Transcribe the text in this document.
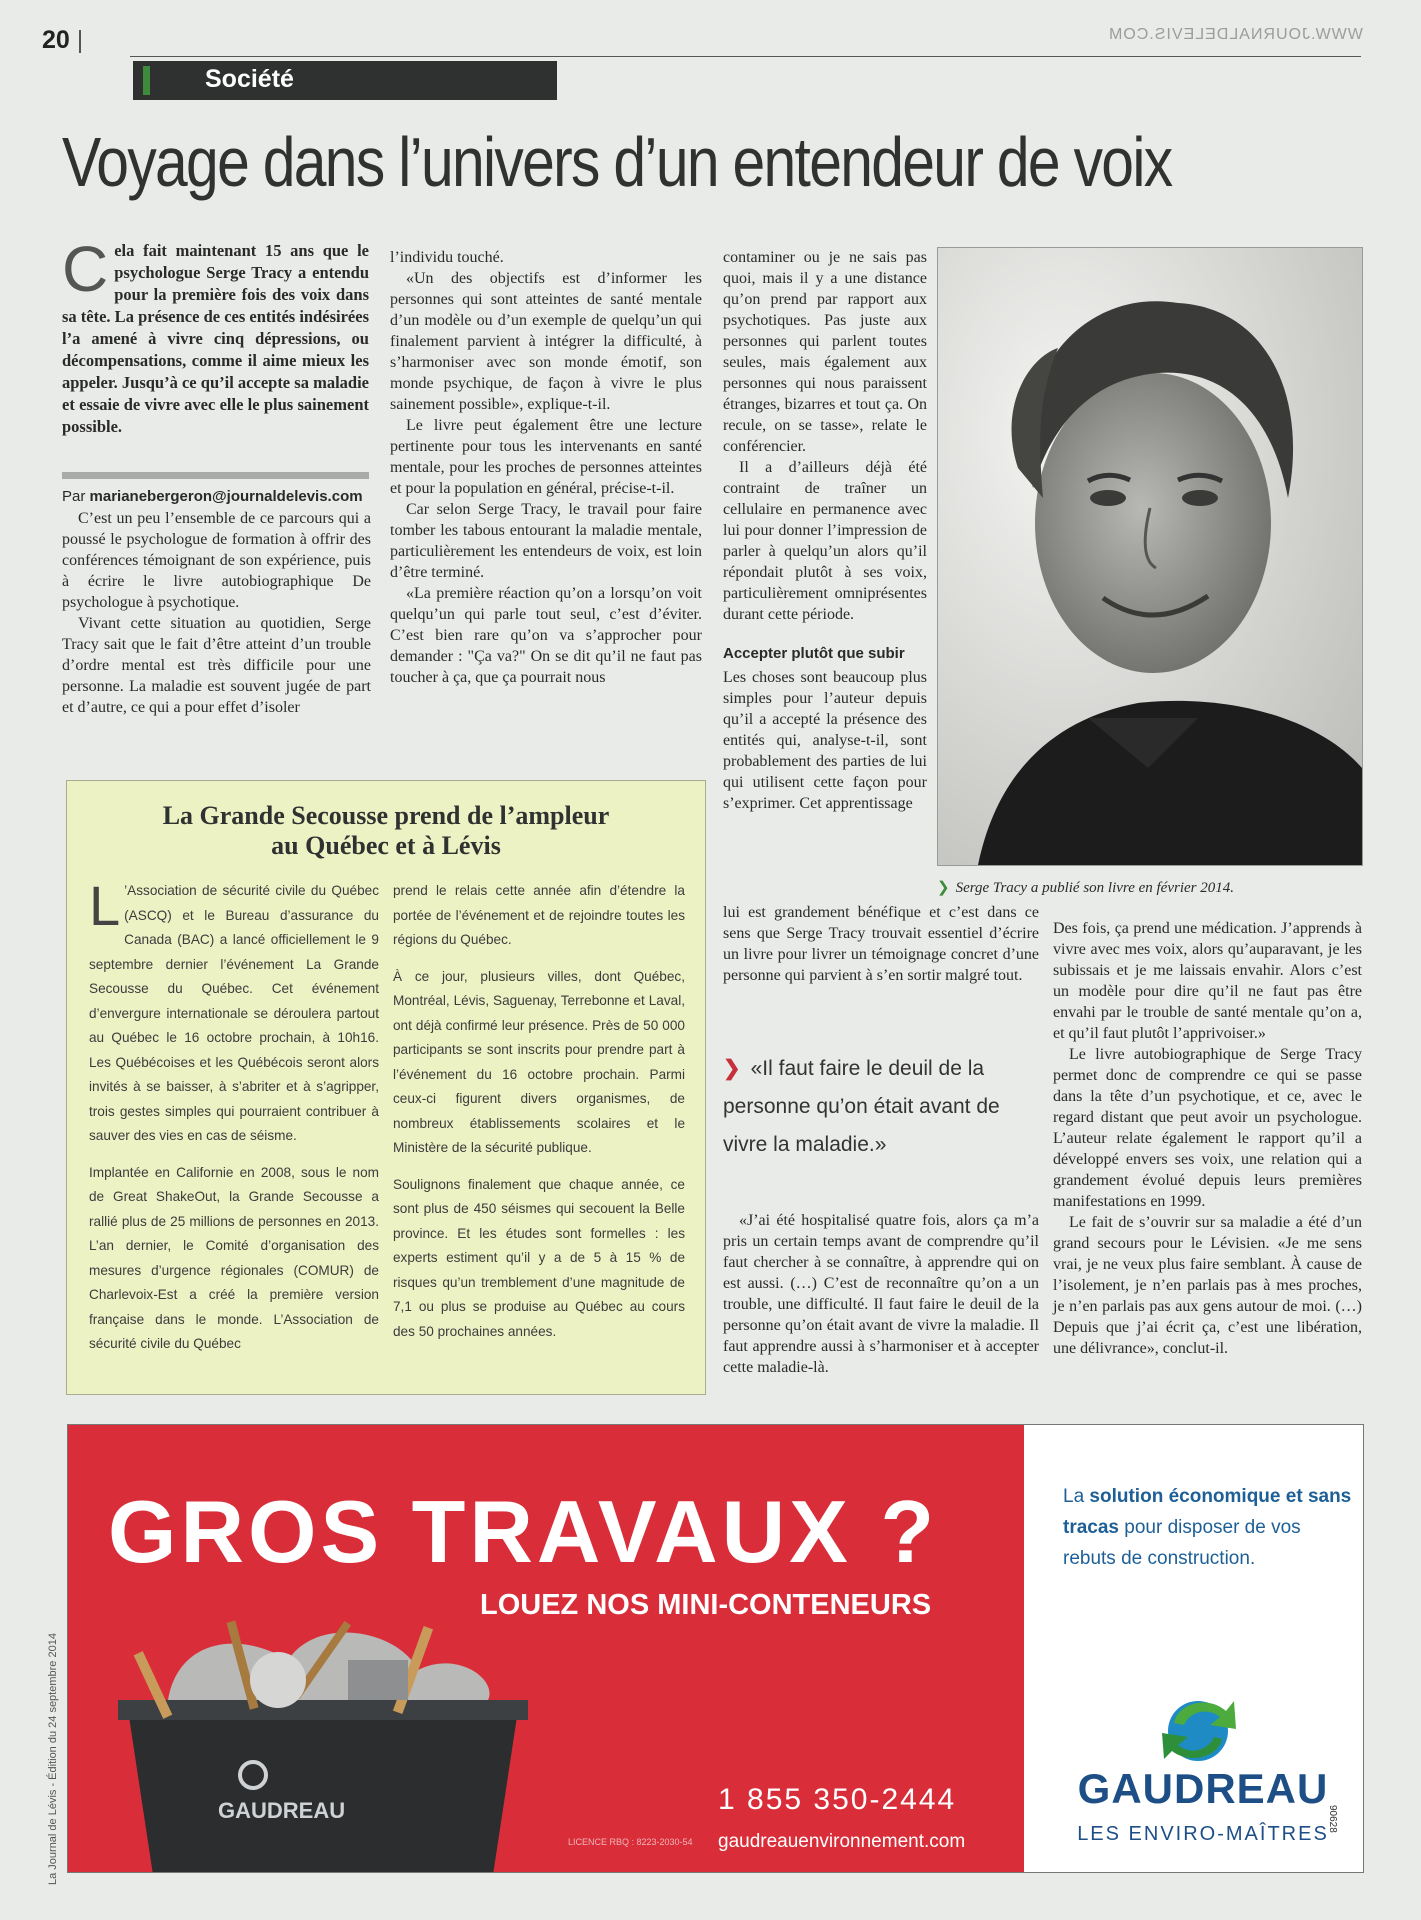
20 |	WWW.JOURNALDELEVIS.COM
Société
Voyage dans l’univers d’un entendeur de voix
Cela fait maintenant 15 ans que le psychologue Serge Tracy a entendu pour la première fois des voix dans sa tête. La présence de ces entités indésirées l’a amené à vivre cinq dépressions, ou décompensations, comme il aime mieux les appeler. Jusqu’à ce qu’il accepte sa maladie et essaie de vivre avec elle le plus sainement possible.
Par marianebergeron@journaldelevis.com

C’est un peu l’ensemble de ce parcours qui a poussé le psychologue de formation à offrir des conférences témoignant de son expérience, puis à écrire le livre autobiographique De psychologue à psychotique.

Vivant cette situation au quotidien, Serge Tracy sait que le fait d’être atteint d’un trouble d’ordre mental est très difficile pour une personne. La maladie est souvent jugée de part et d’autre, ce qui a pour effet d’isoler

l’individu touché.

«Un des objectifs est d’informer les personnes qui sont atteintes de santé mentale d’un modèle ou d’un exemple de quelqu’un qui finalement parvient à intégrer la difficulté, à s’harmoniser avec son monde émotif, son monde psychique, de façon à vivre le plus sainement possible», explique-t-il.

Le livre peut également être une lecture pertinente pour tous les intervenants en santé mentale, pour les proches de personnes atteintes et pour la population en général, précise-t-il.

Car selon Serge Tracy, le travail pour faire tomber les tabous entourant la maladie mentale, particulièrement les entendeurs de voix, est loin d’être terminé.

«La première réaction qu’on a lorsqu’on voit quelqu’un qui parle tout seul, c’est d’éviter. C’est bien rare qu’on va s’approcher pour demander : "Ça va?" On se dit qu’il ne faut pas toucher à ça, que ça pourrait nous

contaminer ou je ne sais pas quoi, mais il y a une distance qu’on prend par rapport aux psychotiques. Pas juste aux personnes qui parlent toutes seules, mais également aux personnes qui nous paraissent étranges, bizarres et tout ça. On recule, on se tasse», relate le conférencier.

Il a d’ailleurs déjà été contraint de traîner un cellulaire en permanence avec lui pour donner l’impression de parler à quelqu’un alors qu’il répondait plutôt à ses voix, particulièrement omniprésentes durant cette période.

Accepter plutôt que subir

Les choses sont beaucoup plus simples pour l’auteur depuis qu’il a accepté la présence des entités qui, analyse-t-il, sont probablement des parties de lui qui utilisent cette façon pour s’exprimer. Cet apprentissage

❯ Serge Tracy a publié son livre en février 2014.

lui est grandement bénéfique et c’est dans ce sens que Serge Tracy trouvait essentiel d’écrire un livre pour livrer un témoignage concret d’une personne qui parvient à s’en sortir malgré tout.

❯ «Il faut faire le deuil de la personne qu’on était avant de vivre la maladie.»

«J’ai été hospitalisé quatre fois, alors ça m’a pris un certain temps avant de comprendre qu’il faut chercher à se connaître, à apprendre qui on est aussi. (…) C’est de reconnaître qu’on a un trouble, une difficulté. Il faut faire le deuil de la personne qu’on était avant de vivre la maladie. Il faut apprendre aussi à s’harmoniser et à accepter cette maladie-là.

Des fois, ça prend une médication. J’apprends à vivre avec mes voix, alors qu’auparavant, je les subissais et je me laissais envahir. Alors c’est un modèle pour dire qu’il ne faut pas être envahi par le trouble de santé mentale qu’on a, et qu’il faut plutôt l’apprivoiser.»

Le livre autobiographique de Serge Tracy permet donc de comprendre ce qui se passe dans la tête d’un psychotique, et ce, avec le regard distant que peut avoir un psychologue. L’auteur relate également le rapport qu’il a développé envers ses voix, une relation qui a grandement évolué depuis leurs premières manifestations en 1999.

Le fait de s’ouvrir sur sa maladie a été d’un grand secours pour le Lévisien. «Je me sens vrai, je ne veux plus faire semblant. À cause de l’isolement, je n’en parlais pas à mes proches, je n’en parlais pas aux gens autour de moi. (…) Depuis que j’ai écrit ça, c’est une libération, une délivrance», conclut-il.

La Grande Secousse prend de l’ampleur
au Québec et à Lévis

L ’Association de sécurité civile du Québec (ASCQ) et le Bureau d’assurance du Canada (BAC) a lancé officiellement le 9 septembre dernier l’événement La Grande Secousse du Québec. Cet événement d’envergure internationale se déroulera partout au Québec le 16 octobre prochain, à 10h16. Les Québécoises et les Québécois seront alors invités à se baisser, à s’abriter et à s’agripper, trois gestes simples qui pourraient contribuer à sauver des vies en cas de séisme.

Implantée en Californie en 2008, sous le nom de Great ShakeOut, la Grande Secousse a rallié plus de 25 millions de personnes en 2013. L’an dernier, le Comité d’organisation des mesures d’urgence régionales (COMUR) de Charlevoix-Est a créé la première version française dans le monde. L’Association de sécurité civile du Québec

prend le relais cette année afin d’étendre la portée de l’événement et de rejoindre toutes les régions du Québec.

À ce jour, plusieurs villes, dont Québec, Montréal, Lévis, Saguenay, Terrebonne et Laval, ont déjà confirmé leur présence. Près de 50 000 participants se sont inscrits pour prendre part à l’événement du 16 octobre prochain. Parmi ceux-ci figurent divers organismes, de nombreux établissements scolaires et le Ministère de la sécurité publique.

Soulignons finalement que chaque année, ce sont plus de 450 séismes qui secouent la Belle province. Et les études sont formelles : les experts estiment qu’il y a de 5 à 15 % de risques qu’un tremblement d’une magnitude de 7,1 ou plus se produise au Québec au cours des 50 prochaines années.

GROS TRAVAUX ?
LOUEZ NOS MINI-CONTENEURS
GAUDREAU
LICENCE RBQ : 8223-2030-54
1 855 350-2444
gaudreauenvironnement.com
La solution économique et sans tracas pour disposer de vos rebuts de construction.
GAUDREAU
LES ENVIRO-MAÎTRES
90628
La Journal de Lévis - Édition du 24 septembre 2014
